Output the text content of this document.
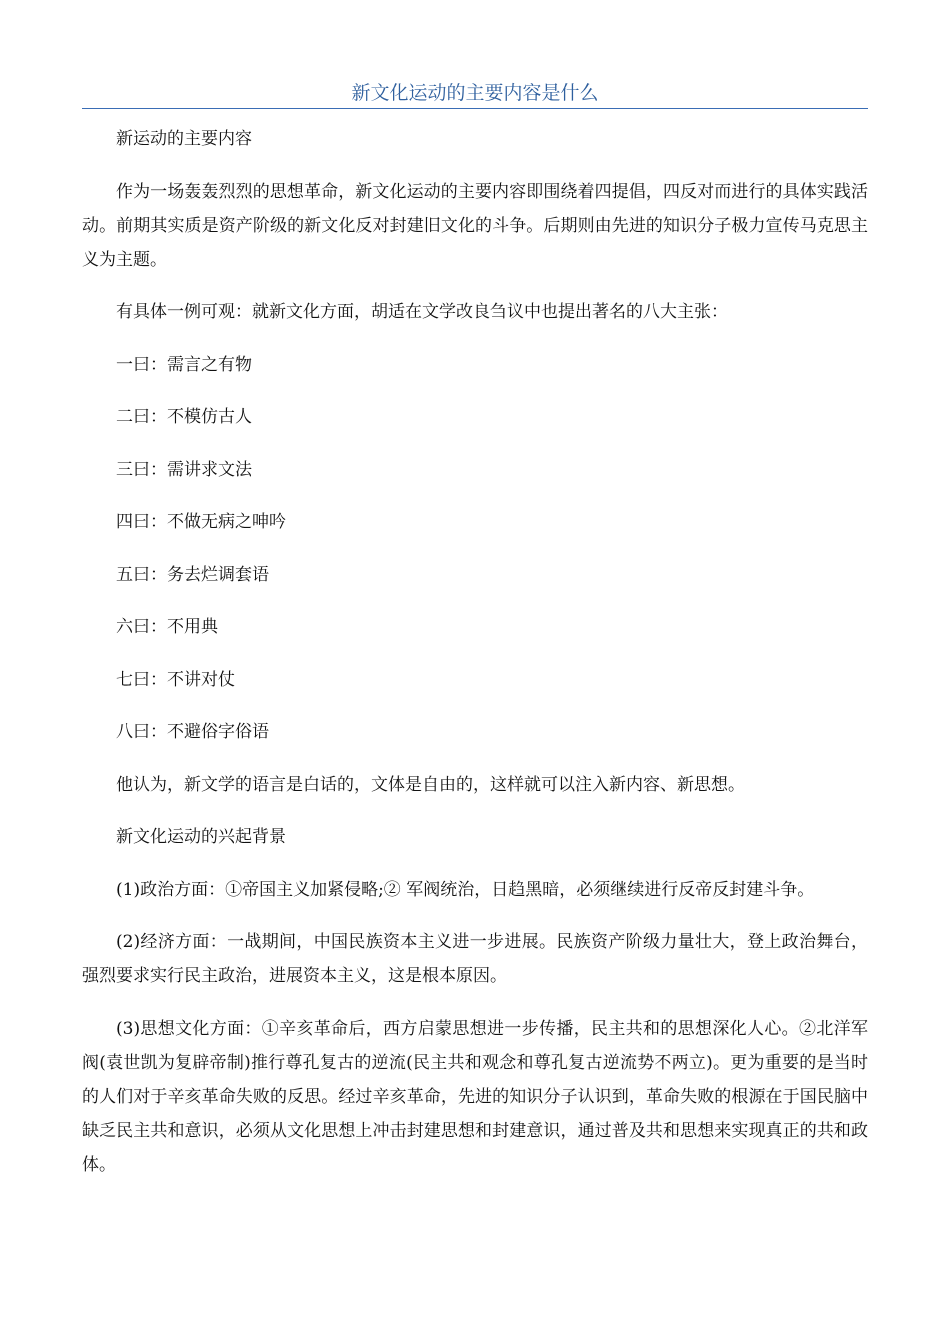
新文化运动的主要内容是什么

新运动的主要内容

作为一场轰轰烈烈的思想革命，新文化运动的主要内容即围绕着四提倡，四反对而进行的具体实践活动。前期其实质是资产阶级的新文化反对封建旧文化的斗争。后期则由先进的知识分子极力宣传马克思主义为主题。

有具体一例可观：就新文化方面，胡适在文学改良刍议中也提出著名的八大主张：

一曰：需言之有物

二曰：不模仿古人

三曰：需讲求文法

四曰：不做无病之呻吟

五曰：务去烂调套语

六曰：不用典

七曰：不讲对仗

八曰：不避俗字俗语

他认为，新文学的语言是白话的，文体是自由的，这样就可以注入新内容、新思想。

新文化运动的兴起背景

(1)政治方面：①帝国主义加紧侵略;② 军阀统治，日趋黑暗，必须继续进行反帝反封建斗争。

(2)经济方面：一战期间，中国民族资本主义进一步进展。民族资产阶级力量壮大，登上政治舞台，强烈要求实行民主政治，进展资本主义，这是根本原因。

(3)思想文化方面：①辛亥革命后，西方启蒙思想进一步传播，民主共和的思想深化人心。②北洋军阀(袁世凯为复辟帝制)推行尊孔复古的逆流(民主共和观念和尊孔复古逆流势不两立)。更为重要的是当时的人们对于辛亥革命失败的反思。经过辛亥革命，先进的知识分子认识到，革命失败的根源在于国民脑中缺乏民主共和意识，必须从文化思想上冲击封建思想和封建意识，通过普及共和思想来实现真正的共和政体。
